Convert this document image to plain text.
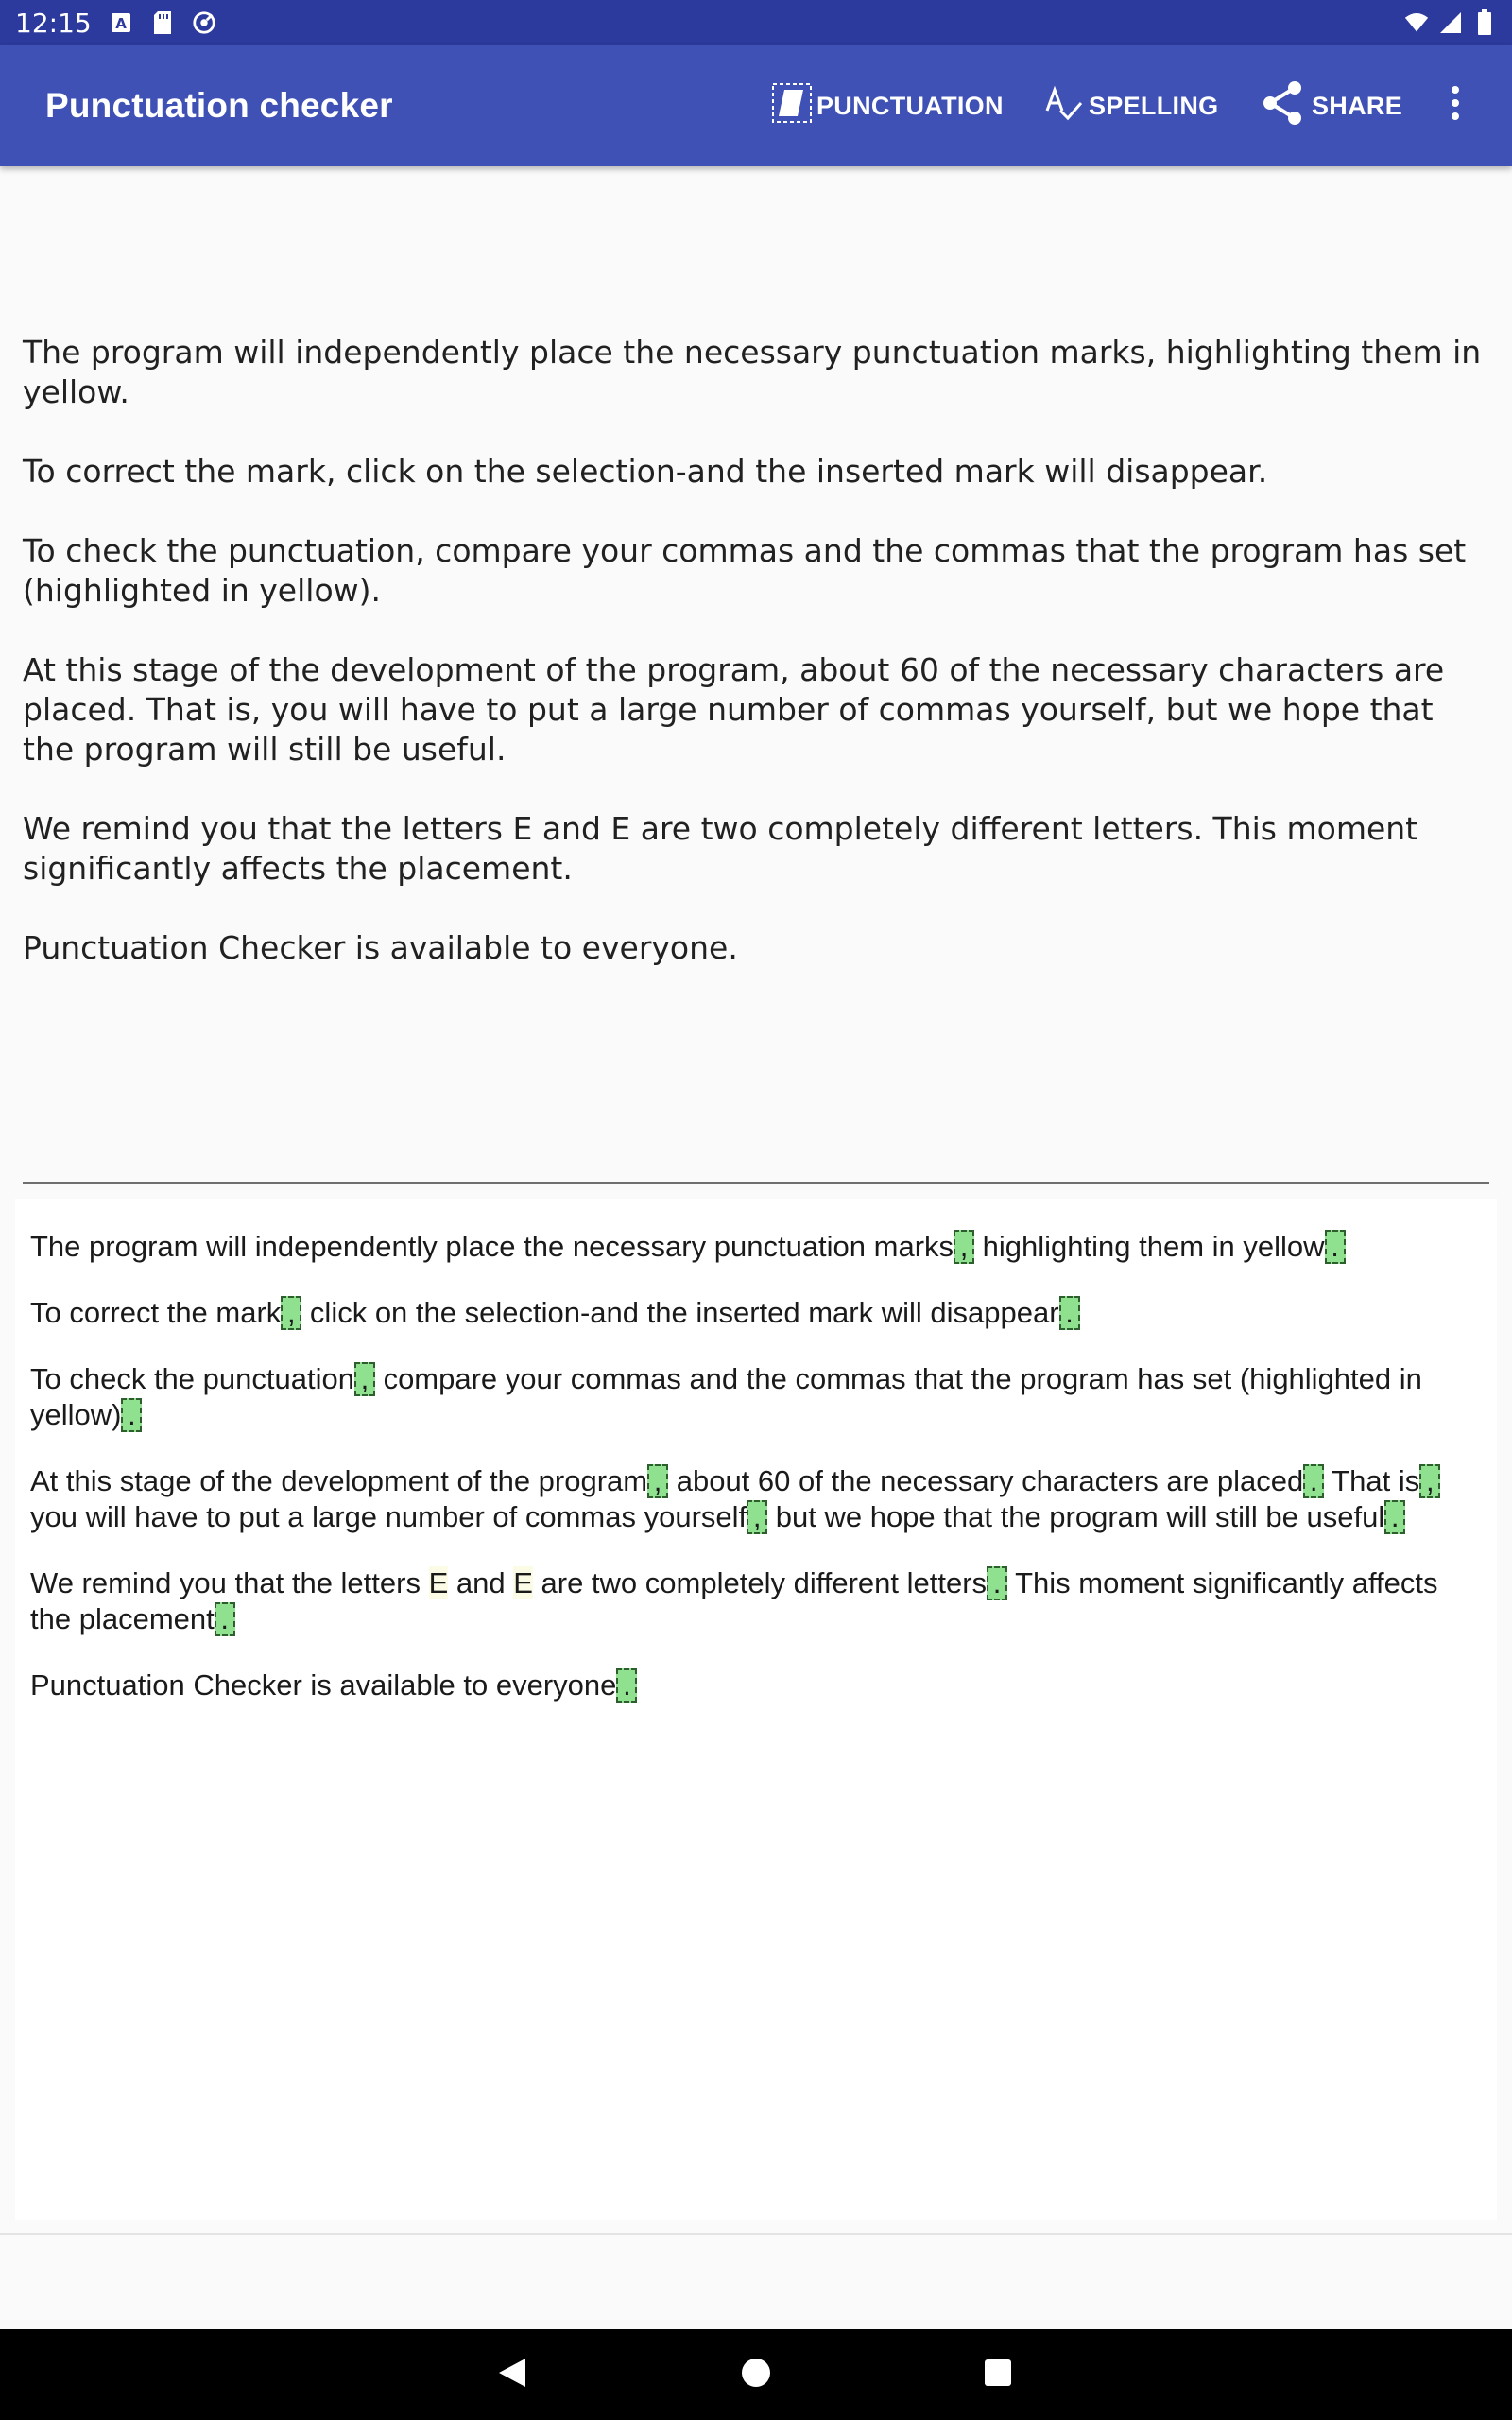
12:15 A
Punctuation checker	PUNCTUATION	SPELLING	SHARE

The program will independently place the necessary punctuation marks, highlighting them in yellow.

To correct the mark, click on the selection-and the inserted mark will disappear.

To check the punctuation, compare your commas and the commas that the program has set (highlighted in yellow).

At this stage of the development of the program, about 60 of the necessary characters are placed. That is, you will have to put a large number of commas yourself, but we hope that the program will still be useful.

We remind you that the letters E and E are two completely different letters. This moment significantly affects the placement.

Punctuation Checker is available to everyone.

The program will independently place the necessary punctuation marks , highlighting them in yellow .

To correct the mark , click on the selection-and the inserted mark will disappear .

To check the punctuation , compare your commas and the commas that the program has set (highlighted in yellow) .

At this stage of the development of the program , about 60 of the necessary characters are placed . That is , you will have to put a large number of commas yourself , but we hope that the program will still be useful .

We remind you that the letters E and E are two completely different letters . This moment significantly affects the placement .

Punctuation Checker is available to everyone .
